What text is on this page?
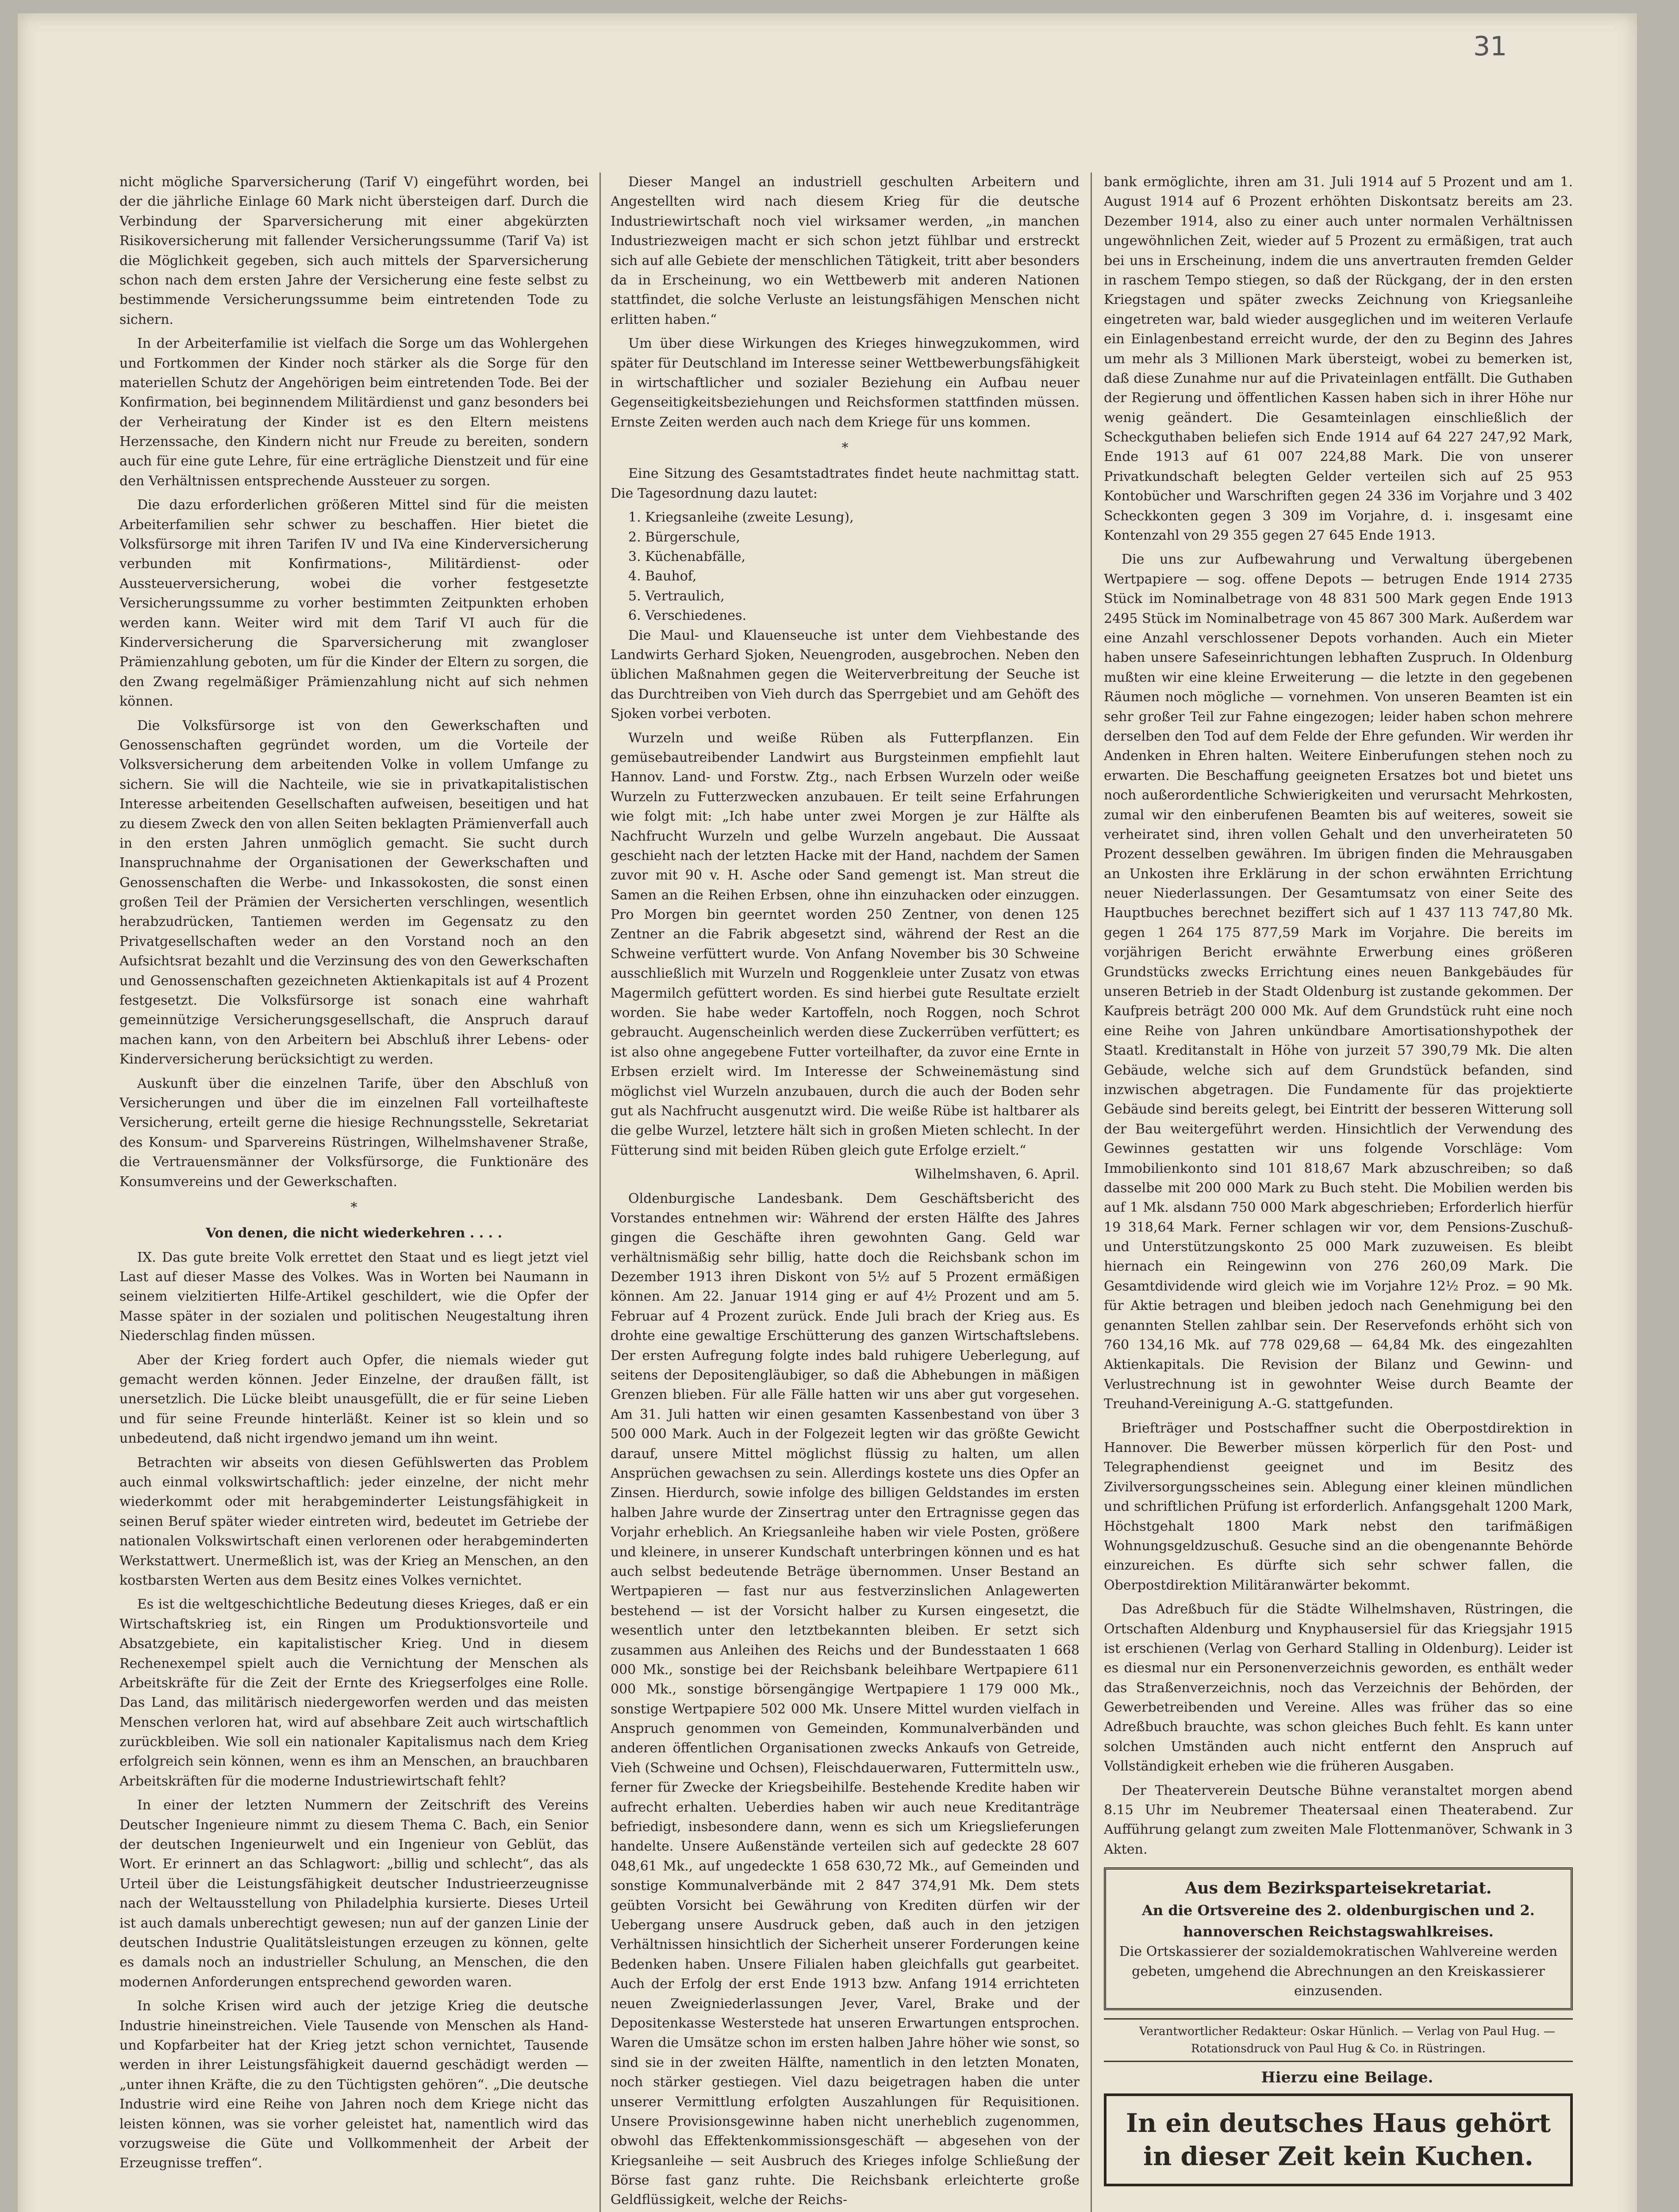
31

nicht mögliche Sparversicherung (Tarif V) eingeführt worden, bei der die jährliche Einlage 60 Mark nicht übersteigen darf. Durch die Verbindung der Sparversicherung mit einer abgekürzten Risikoversicherung mit fallender Versicherungssumme (Tarif Va) ist die Möglichkeit gegeben, sich auch mittels der Sparversicherung schon nach dem ersten Jahre der Versicherung eine feste selbst zu bestimmende Versicherungssumme beim eintretenden Tode zu sichern.

In der Arbeiterfamilie ist vielfach die Sorge um das Wohlergehen und Fortkommen der Kinder noch stärker als die Sorge für den materiellen Schutz der Angehörigen beim eintretenden Tode. Bei der Konfirmation, bei beginnendem Militärdienst und ganz besonders bei der Verheiratung der Kinder ist es den Eltern meistens Herzenssache, den Kindern nicht nur Freude zu bereiten, sondern auch für eine gute Lehre, für eine erträgliche Dienstzeit und für eine den Verhältnissen entsprechende Aussteuer zu sorgen.

Die dazu erforderlichen größeren Mittel sind für die meisten Arbeiterfamilien sehr schwer zu beschaffen. Hier bietet die Volksfürsorge mit ihren Tarifen IV und IVa eine Kinderversicherung verbunden mit Konfirmations-, Militärdienst- oder Aussteuerversicherung, wobei die vorher festgesetzte Versicherungssumme zu vorher bestimmten Zeitpunkten erhoben werden kann. Weiter wird mit dem Tarif VI auch für die Kinderversicherung die Sparversicherung mit zwangloser Prämienzahlung geboten, um für die Kinder der Eltern zu sorgen, die den Zwang regelmäßiger Prämienzahlung nicht auf sich nehmen können.

Die Volksfürsorge ist von den Gewerkschaften und Genossenschaften gegründet worden, um die Vorteile der Volksversicherung dem arbeitenden Volke in vollem Umfange zu sichern. Sie will die Nachteile, wie sie in privatkapitalistischen Interesse arbeitenden Gesellschaften aufweisen, beseitigen und hat zu diesem Zweck den von allen Seiten beklagten Prämienverfall auch in den ersten Jahren unmöglich gemacht. Sie sucht durch Inanspruchnahme der Organisationen der Gewerkschaften und Genossenschaften die Werbe- und Inkassokosten, die sonst einen großen Teil der Prämien der Versicherten verschlingen, wesentlich herabzudrücken, Tantiemen werden im Gegensatz zu den Privatgesellschaften weder an den Vorstand noch an den Aufsichtsrat bezahlt und die Verzinsung des von den Gewerkschaften und Genossenschaften gezeichneten Aktienkapitals ist auf 4 Prozent festgesetzt. Die Volksfürsorge ist sonach eine wahrhaft gemeinnützige Versicherungsgesellschaft, die Anspruch darauf machen kann, von den Arbeitern bei Abschluß ihrer Lebens- oder Kinderversicherung berücksichtigt zu werden.

Auskunft über die einzelnen Tarife, über den Abschluß von Versicherungen und über die im einzelnen Fall vorteilhafteste Versicherung, erteilt gerne die hiesige Rechnungsstelle, Sekretariat des Konsum- und Sparvereins Rüstringen, Wilhelmshavener Straße, die Vertrauensmänner der Volksfürsorge, die Funktionäre des Konsumvereins und der Gewerkschaften.

*

Von denen, die nicht wiederkehren . . . .

IX. Das gute breite Volk errettet den Staat und es liegt jetzt viel Last auf dieser Masse des Volkes. Was in Worten bei Naumann in seinem vielzitierten Hilfe-Artikel geschildert, wie die Opfer der Masse später in der sozialen und politischen Neugestaltung ihren Niederschlag finden müssen.

Aber der Krieg fordert auch Opfer, die niemals wieder gut gemacht werden können. Jeder Einzelne, der draußen fällt, ist unersetzlich. Die Lücke bleibt unausgefüllt, die er für seine Lieben und für seine Freunde hinterläßt. Keiner ist so klein und so unbedeutend, daß nicht irgendwo jemand um ihn weint.

Betrachten wir abseits von diesen Gefühlswerten das Problem auch einmal volkswirtschaftlich: jeder einzelne, der nicht mehr wiederkommt oder mit herabgeminderter Leistungsfähigkeit in seinen Beruf später wieder eintreten wird, bedeutet im Getriebe der nationalen Volkswirtschaft einen verlorenen oder herabgeminderten Werkstattwert. Unermeßlich ist, was der Krieg an Menschen, an den kostbarsten Werten aus dem Besitz eines Volkes vernichtet.

Es ist die weltgeschichtliche Bedeutung dieses Krieges, daß er ein Wirtschaftskrieg ist, ein Ringen um Produktionsvorteile und Absatzgebiete, ein kapitalistischer Krieg. Und in diesem Rechenexempel spielt auch die Vernichtung der Menschen als Arbeitskräfte für die Zeit der Ernte des Kriegserfolges eine Rolle. Das Land, das militärisch niedergeworfen werden und das meisten Menschen verloren hat, wird auf absehbare Zeit auch wirtschaftlich zurückbleiben. Wie soll ein nationaler Kapitalismus nach dem Krieg erfolgreich sein können, wenn es ihm an Menschen, an brauchbaren Arbeitskräften für die moderne Industriewirtschaft fehlt?

In einer der letzten Nummern der Zeitschrift des Vereins Deutscher Ingenieure nimmt zu diesem Thema C. Bach, ein Senior der deutschen Ingenieurwelt und ein Ingenieur von Geblüt, das Wort. Er erinnert an das Schlagwort: „billig und schlecht“, das als Urteil über die Leistungsfähigkeit deutscher Industrieerzeugnisse nach der Weltausstellung von Philadelphia kursierte. Dieses Urteil ist auch damals unberechtigt gewesen; nun auf der ganzen Linie der deutschen Industrie Qualitätsleistungen erzeugen zu können, gelte es damals noch an industrieller Schulung, an Menschen, die den modernen Anforderungen entsprechend geworden waren.

In solche Krisen wird auch der jetzige Krieg die deutsche Industrie hineinstreichen. Viele Tausende von Menschen als Hand- und Kopfarbeiter hat der Krieg jetzt schon vernichtet, Tausende werden in ihrer Leistungsfähigkeit dauernd geschädigt werden — „unter ihnen Kräfte, die zu den Tüchtigsten gehören“. „Die deutsche Industrie wird eine Reihe von Jahren noch dem Kriege nicht das leisten können, was sie vorher geleistet hat, namentlich wird das vorzugsweise die Güte und Vollkommenheit der Arbeit der Erzeugnisse treffen“.

Dieser Mangel an industriell geschulten Arbeitern und Angestellten wird nach diesem Krieg für die deutsche Industriewirtschaft noch viel wirksamer werden, „in manchen Industriezweigen macht er sich schon jetzt fühlbar und erstreckt sich auf alle Gebiete der menschlichen Tätigkeit, tritt aber besonders da in Erscheinung, wo ein Wettbewerb mit anderen Nationen stattfindet, die solche Verluste an leistungsfähigen Menschen nicht erlitten haben.“

Um über diese Wirkungen des Krieges hinwegzukommen, wird später für Deutschland im Interesse seiner Wettbewerbungsfähigkeit in wirtschaftlicher und sozialer Beziehung ein Aufbau neuer Gegenseitigkeitsbeziehungen und Reichsformen stattfinden müssen. Ernste Zeiten werden auch nach dem Kriege für uns kommen.

*

Eine Sitzung des Gesamtstadtrates findet heute nachmittag statt. Die Tagesordnung dazu lautet:

1. Kriegsanleihe (zweite Lesung),

2. Bürgerschule,

3. Küchenabfälle,

4. Bauhof,

5. Vertraulich,

6. Verschiedenes.

Die Maul- und Klauenseuche ist unter dem Viehbestande des Landwirts Gerhard Sjoken, Neuengroden, ausgebrochen. Neben den üblichen Maßnahmen gegen die Weiterverbreitung der Seuche ist das Durchtreiben von Vieh durch das Sperrgebiet und am Gehöft des Sjoken vorbei verboten.

Wurzeln und weiße Rüben als Futterpflanzen. Ein gemüsebautreibender Landwirt aus Burgsteinmen empfiehlt laut Hannov. Land- und Forstw. Ztg., nach Erbsen Wurzeln oder weiße Wurzeln zu Futterzwecken anzubauen. Er teilt seine Erfahrungen wie folgt mit: „Ich habe unter zwei Morgen je zur Hälfte als Nachfrucht Wurzeln und gelbe Wurzeln angebaut. Die Aussaat geschieht nach der letzten Hacke mit der Hand, nachdem der Samen zuvor mit 90 v. H. Asche oder Sand gemengt ist. Man streut die Samen an die Reihen Erbsen, ohne ihn einzuhacken oder einzuggen. Pro Morgen bin geerntet worden 250 Zentner, von denen 125 Zentner an die Fabrik abgesetzt sind, während der Rest an die Schweine verfüttert wurde. Von Anfang November bis 30 Schweine ausschließlich mit Wurzeln und Roggenkleie unter Zusatz von etwas Magermilch gefüttert worden. Es sind hierbei gute Resultate erzielt worden. Sie habe weder Kartoffeln, noch Roggen, noch Schrot gebraucht. Augenscheinlich werden diese Zuckerrüben verfüttert; es ist also ohne angegebene Futter vorteilhafter, da zuvor eine Ernte in Erbsen erzielt wird. Im Interesse der Schweinemästung sind möglichst viel Wurzeln anzubauen, durch die auch der Boden sehr gut als Nachfrucht ausgenutzt wird. Die weiße Rübe ist haltbarer als die gelbe Wurzel, letztere hält sich in großen Mieten schlecht. In der Fütterung sind mit beiden Rüben gleich gute Erfolge erzielt.“

Wilhelmshaven, 6. April.

Oldenburgische Landesbank. Dem Geschäftsbericht des Vorstandes entnehmen wir: Während der ersten Hälfte des Jahres gingen die Geschäfte ihren gewohnten Gang. Geld war verhältnismäßig sehr billig, hatte doch die Reichsbank schon im Dezember 1913 ihren Diskont von 5½ auf 5 Prozent ermäßigen können. Am 22. Januar 1914 ging er auf 4½ Prozent und am 5. Februar auf 4 Prozent zurück. Ende Juli brach der Krieg aus. Es drohte eine gewaltige Erschütterung des ganzen Wirtschaftslebens. Der ersten Aufregung folgte indes bald ruhigere Ueberlegung, auf seitens der Depositengläubiger, so daß die Abhebungen in mäßigen Grenzen blieben. Für alle Fälle hatten wir uns aber gut vorgesehen. Am 31. Juli hatten wir einen gesamten Kassenbestand von über 3 500 000 Mark. Auch in der Folgezeit legten wir das größte Gewicht darauf, unsere Mittel möglichst flüssig zu halten, um allen Ansprüchen gewachsen zu sein. Allerdings kostete uns dies Opfer an Zinsen. Hierdurch, sowie infolge des billigen Geldstandes im ersten halben Jahre wurde der Zinsertrag unter den Ertragnisse gegen das Vorjahr erheblich. An Kriegsanleihe haben wir viele Posten, größere und kleinere, in unserer Kundschaft unterbringen können und es hat auch selbst bedeutende Beträge übernommen. Unser Bestand an Wertpapieren — fast nur aus festverzinslichen Anlagewerten bestehend — ist der Vorsicht halber zu Kursen eingesetzt, die wesentlich unter den letztbekannten bleiben. Er setzt sich zusammen aus Anleihen des Reichs und der Bundesstaaten 1 668 000 Mk., sonstige bei der Reichsbank beleihbare Wertpapiere 611 000 Mk., sonstige börsengängige Wertpapiere 1 179 000 Mk., sonstige Wertpapiere 502 000 Mk. Unsere Mittel wurden vielfach in Anspruch genommen von Gemeinden, Kommunalverbänden und anderen öffentlichen Organisationen zwecks Ankaufs von Getreide, Vieh (Schweine und Ochsen), Fleischdauerwaren, Futtermitteln usw., ferner für Zwecke der Kriegsbeihilfe. Bestehende Kredite haben wir aufrecht erhalten. Ueberdies haben wir auch neue Kreditanträge befriedigt, insbesondere dann, wenn es sich um Kriegslieferungen handelte. Unsere Außenstände verteilen sich auf gedeckte 28 607 048,61 Mk., auf ungedeckte 1 658 630,72 Mk., auf Gemeinden und sonstige Kommunalverbände mit 2 847 374,91 Mk. Dem stets geübten Vorsicht bei Gewährung von Krediten dürfen wir der Uebergang unsere Ausdruck geben, daß auch in den jetzigen Verhältnissen hinsichtlich der Sicherheit unserer Forderungen keine Bedenken haben. Unsere Filialen haben gleichfalls gut gearbeitet. Auch der Erfolg der erst Ende 1913 bzw. Anfang 1914 errichteten neuen Zweigniederlassungen Jever, Varel, Brake und der Depositenkasse Westerstede hat unseren Erwartungen entsprochen. Waren die Umsätze schon im ersten halben Jahre höher wie sonst, so sind sie in der zweiten Hälfte, namentlich in den letzten Monaten, noch stärker gestiegen. Viel dazu beigetragen haben die unter unserer Vermittlung erfolgten Auszahlungen für Requisitionen. Unsere Provisionsgewinne haben nicht unerheblich zugenommen, obwohl das Effektenkommissionsgeschäft — abgesehen von der Kriegsanleihe — seit Ausbruch des Krieges infolge Schließung der Börse fast ganz ruhte. Die Reichsbank erleichterte große Geldflüssigkeit, welche der Reichs-

bank ermöglichte, ihren am 31. Juli 1914 auf 5 Prozent und am 1. August 1914 auf 6 Prozent erhöhten Diskontsatz bereits am 23. Dezember 1914, also zu einer auch unter normalen Verhältnissen ungewöhnlichen Zeit, wieder auf 5 Prozent zu ermäßigen, trat auch bei uns in Erscheinung, indem die uns anvertrauten fremden Gelder in raschem Tempo stiegen, so daß der Rückgang, der in den ersten Kriegstagen und später zwecks Zeichnung von Kriegsanleihe eingetreten war, bald wieder ausgeglichen und im weiteren Verlaufe ein Einlagenbestand erreicht wurde, der den zu Beginn des Jahres um mehr als 3 Millionen Mark übersteigt, wobei zu bemerken ist, daß diese Zunahme nur auf die Privateinlagen entfällt. Die Guthaben der Regierung und öffentlichen Kassen haben sich in ihrer Höhe nur wenig geändert. Die Gesamteinlagen einschließlich der Scheckguthaben beliefen sich Ende 1914 auf 64 227 247,92 Mark, Ende 1913 auf 61 007 224,88 Mark. Die von unserer Privatkundschaft belegten Gelder verteilen sich auf 25 953 Kontobücher und Warschriften gegen 24 336 im Vorjahre und 3 402 Scheckkonten gegen 3 309 im Vorjahre, d. i. insgesamt eine Kontenzahl von 29 355 gegen 27 645 Ende 1913.

Die uns zur Aufbewahrung und Verwaltung übergebenen Wertpapiere — sog. offene Depots — betrugen Ende 1914 2735 Stück im Nominalbetrage von 48 831 500 Mark gegen Ende 1913 2495 Stück im Nominalbetrage von 45 867 300 Mark. Außerdem war eine Anzahl verschlossener Depots vorhanden. Auch ein Mieter haben unsere Safeseinrichtungen lebhaften Zuspruch. In Oldenburg mußten wir eine kleine Erweiterung — die letzte in den gegebenen Räumen noch mögliche — vornehmen. Von unseren Beamten ist ein sehr großer Teil zur Fahne eingezogen; leider haben schon mehrere derselben den Tod auf dem Felde der Ehre gefunden. Wir werden ihr Andenken in Ehren halten. Weitere Einberufungen stehen noch zu erwarten. Die Beschaffung geeigneten Ersatzes bot und bietet uns noch außerordentliche Schwierigkeiten und verursacht Mehrkosten, zumal wir den einberufenen Beamten bis auf weiteres, soweit sie verheiratet sind, ihren vollen Gehalt und den unverheirateten 50 Prozent desselben gewähren. Im übrigen finden die Mehrausgaben an Unkosten ihre Erklärung in der schon erwähnten Errichtung neuer Niederlassungen. Der Gesamtumsatz von einer Seite des Hauptbuches berechnet beziffert sich auf 1 437 113 747,80 Mk. gegen 1 264 175 877,59 Mark im Vorjahre. Die bereits im vorjährigen Bericht erwähnte Erwerbung eines größeren Grundstücks zwecks Errichtung eines neuen Bankgebäudes für unseren Betrieb in der Stadt Oldenburg ist zustande gekommen. Der Kaufpreis beträgt 200 000 Mk. Auf dem Grundstück ruht eine noch eine Reihe von Jahren unkündbare Amortisationshypothek der Staatl. Kreditanstalt in Höhe von jurzeit 57 390,79 Mk. Die alten Gebäude, welche sich auf dem Grundstück befanden, sind inzwischen abgetragen. Die Fundamente für das projektierte Gebäude sind bereits gelegt, bei Eintritt der besseren Witterung soll der Bau weitergeführt werden. Hinsichtlich der Verwendung des Gewinnes gestatten wir uns folgende Vorschläge: Vom Immobilienkonto sind 101 818,67 Mark abzuschreiben; so daß dasselbe mit 200 000 Mark zu Buch steht. Die Mobilien werden bis auf 1 Mk. alsdann 750 000 Mark abgeschrieben; Erforderlich hierfür 19 318,64 Mark. Ferner schlagen wir vor, dem Pensions-Zuschuß- und Unterstützungskonto 25 000 Mark zuzuweisen. Es bleibt hiernach ein Reingewinn von 276 260,09 Mark. Die Gesamtdividende wird gleich wie im Vorjahre 12½ Proz. = 90 Mk. für Aktie betragen und bleiben jedoch nach Genehmigung bei den genannten Stellen zahlbar sein. Der Reservefonds erhöht sich von 760 134,16 Mk. auf 778 029,68 — 64,84 Mk. des eingezahlten Aktienkapitals. Die Revision der Bilanz und Gewinn- und Verlustrechnung ist in gewohnter Weise durch Beamte der Treuhand-Vereinigung A.-G. stattgefunden.

Briefträger und Postschaffner sucht die Oberpostdirektion in Hannover. Die Bewerber müssen körperlich für den Post- und Telegraphendienst geeignet und im Besitz des Zivilversorgungsscheines sein. Ablegung einer kleinen mündlichen und schriftlichen Prüfung ist erforderlich. Anfangsgehalt 1200 Mark, Höchstgehalt 1800 Mark nebst den tarifmäßigen Wohnungsgeldzuschuß. Gesuche sind an die obengenannte Behörde einzureichen. Es dürfte sich sehr schwer fallen, die Oberpostdirektion Militäranwärter bekommt.

Das Adreßbuch für die Städte Wilhelmshaven, Rüstringen, die Ortschaften Aldenburg und Knyphausersiel für das Kriegsjahr 1915 ist erschienen (Verlag von Gerhard Stalling in Oldenburg). Leider ist es diesmal nur ein Personenverzeichnis geworden, es enthält weder das Straßenverzeichnis, noch das Verzeichnis der Behörden, der Gewerbetreibenden und Vereine. Alles was früher das so eine Adreßbuch brauchte, was schon gleiches Buch fehlt. Es kann unter solchen Umständen auch nicht entfernt den Anspruch auf Vollständigkeit erheben wie die früheren Ausgaben.

Der Theaterverein Deutsche Bühne veranstaltet morgen abend 8.15 Uhr im Neubremer Theatersaal einen Theaterabend. Zur Aufführung gelangt zum zweiten Male Flottenmanöver, Schwank in 3 Akten.

Aus dem Bezirksparteisekretariat.
An die Ortsvereine des 2. oldenburgischen und 2. hannoverschen Reichstagswahlkreises.
Die Ortskassierer der sozialdemokratischen Wahlvereine werden gebeten, umgehend die Abrechnungen an den Kreiskassierer einzusenden.

Verantwortlicher Redakteur: Oskar Hünlich. — Verlag von Paul Hug. — Rotationsdruck von Paul Hug & Co. in Rüstringen.

Hierzu eine Beilage.

In ein deutsches Haus gehört in dieser Zeit kein Kuchen.
